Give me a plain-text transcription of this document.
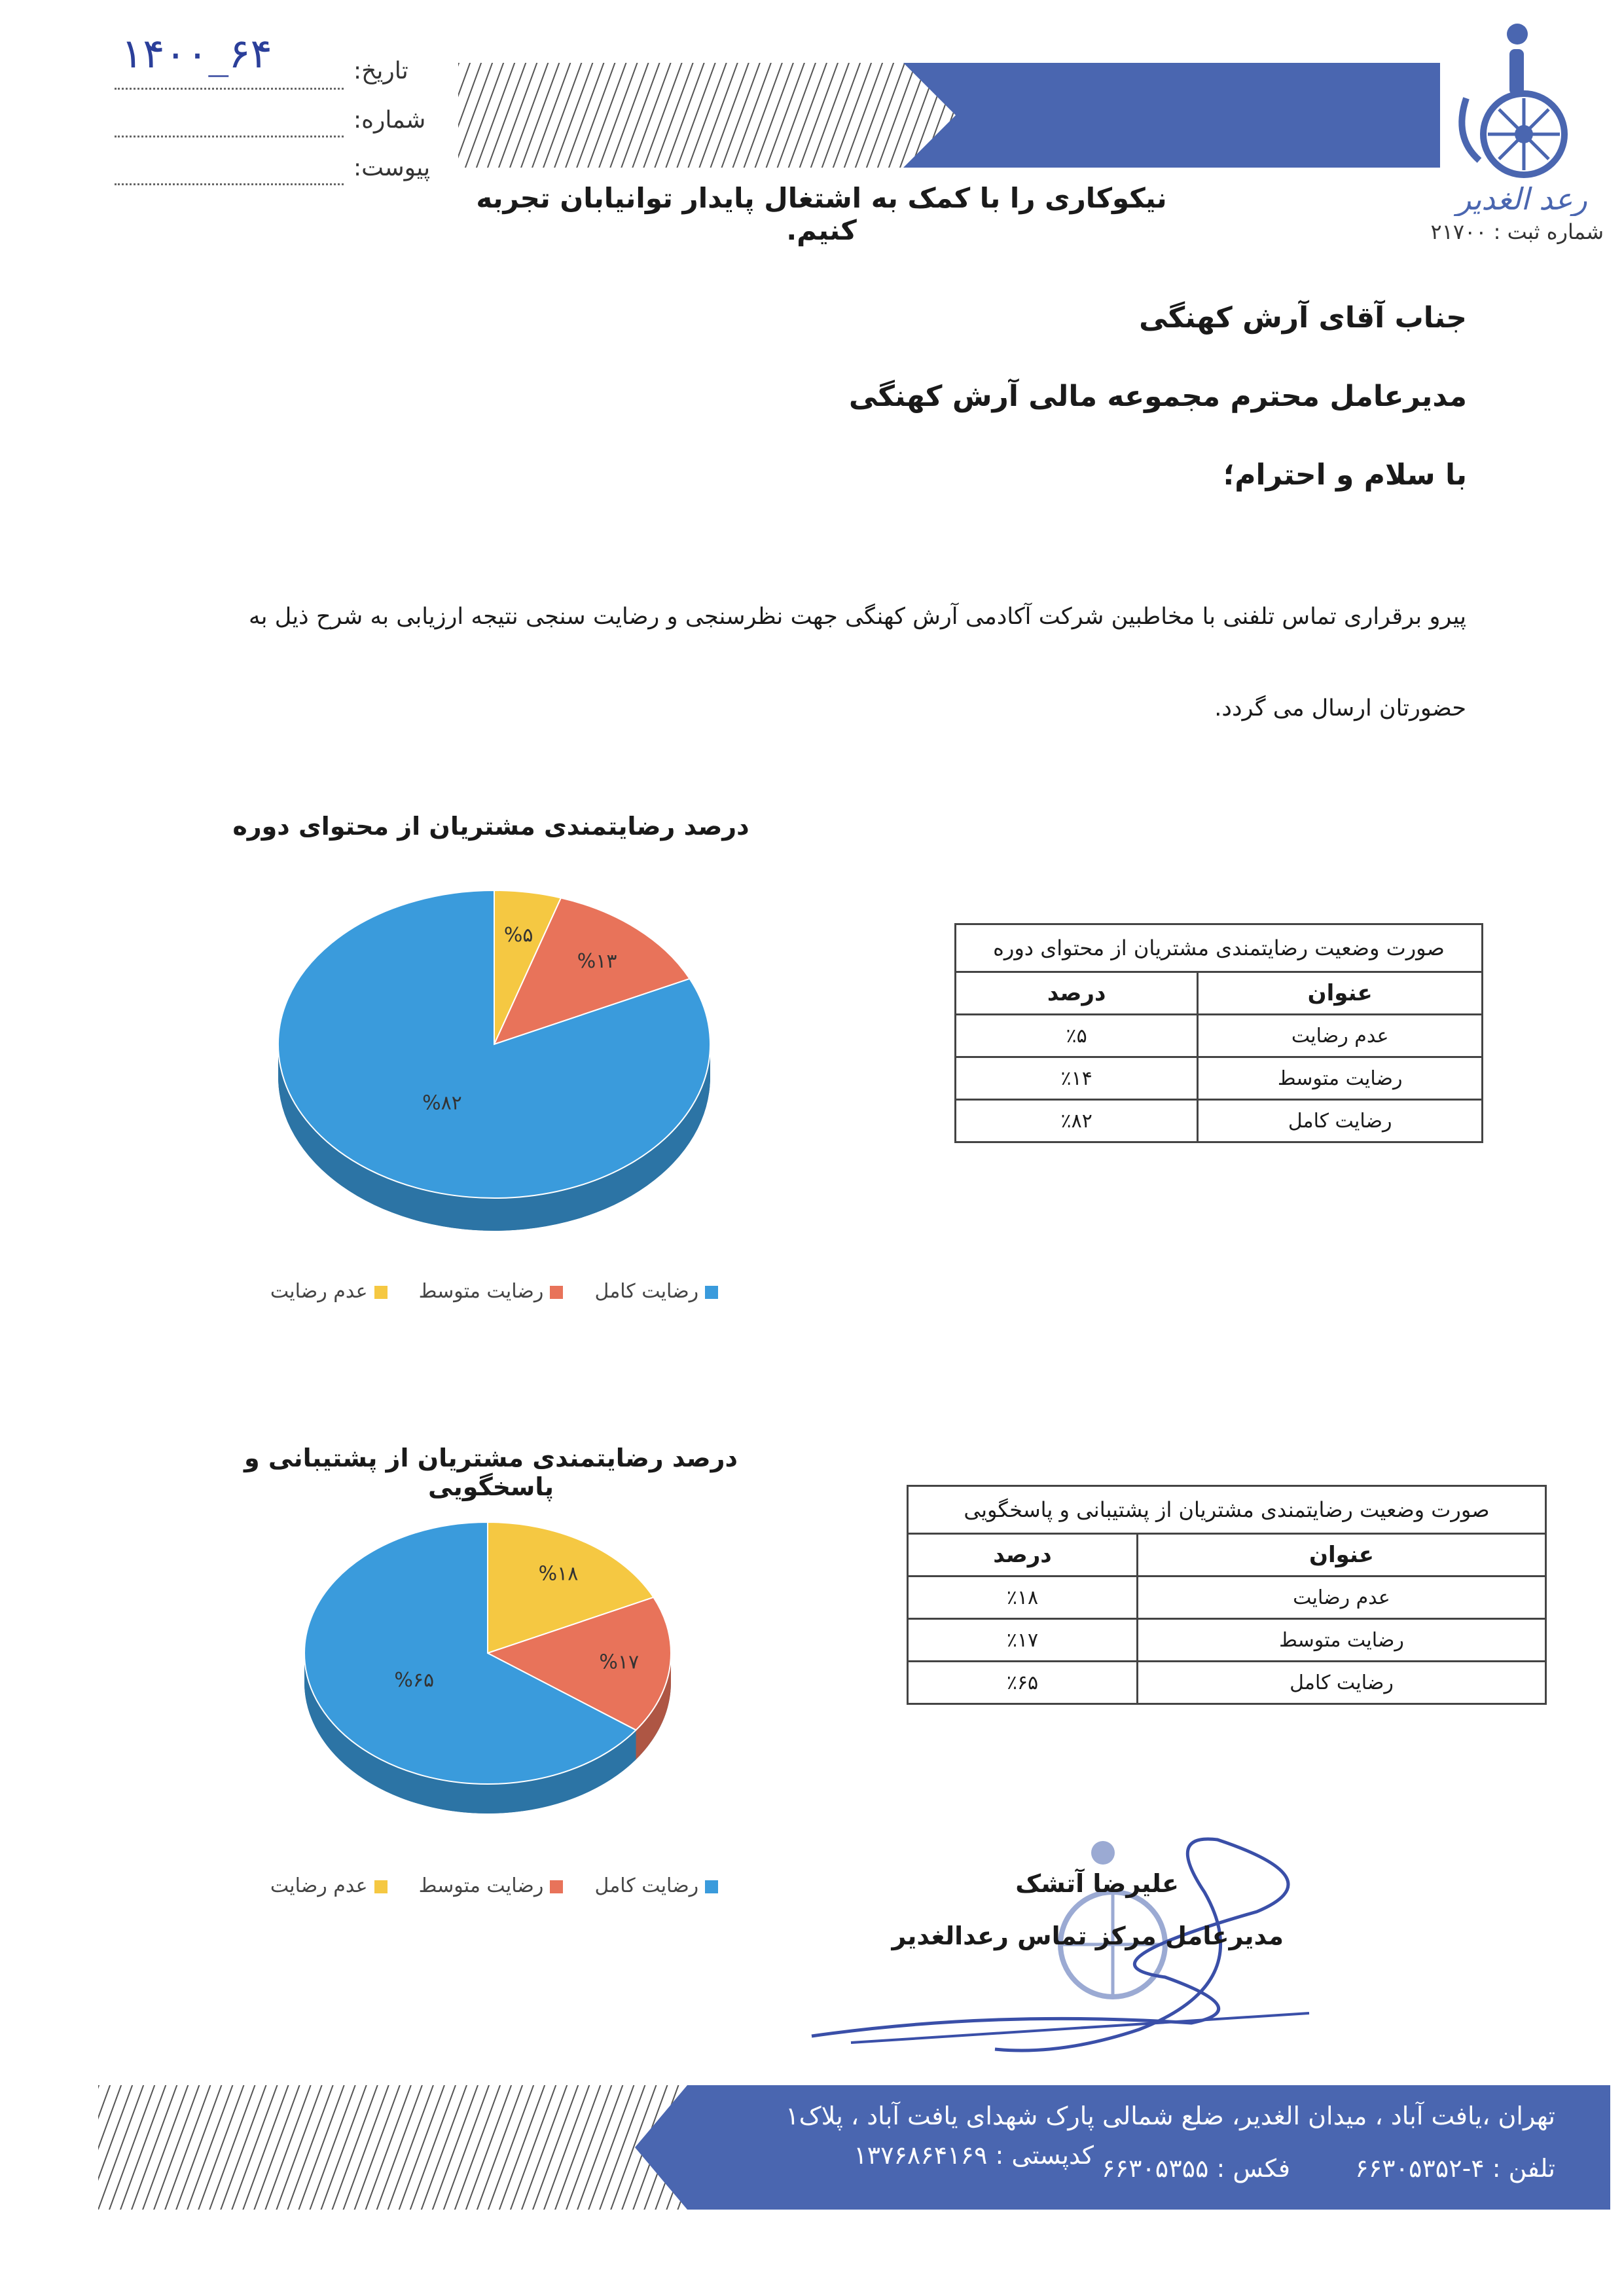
رعد الغدیر
تاریخ:
شماره:
پیوست:
۱۴۰۰_۶۴
نیکوکاری را با کمک به اشتغال پایدار توانیابان تجربه کنیم.	شماره ثبت : ۲۱۷۰۰
جناب آقای آرش کهنگی
مدیرعامل محترم مجموعه مالی آرش کهنگی
با سلام و احترام؛
پیرو برقراری تماس تلفنی با مخاطبین شرکت آکادمی آرش کهنگی جهت نظرسنجی و رضایت سنجی نتیجه ارزیابی به شرح ذیل به حضورتان ارسال می گردد.
درصد رضایتمندی مشتریان از محتوای دوره
%۵
%۱۳
%۸۲
رضایت کامل    رضایت متوسط    عدم رضایت
صورت وضعیت رضایتمندی مشتریان از محتوای دوره	
عنوان	درصد
عدم رضایت	٪۵
رضایت متوسط	٪۱۴
رضایت کامل	٪۸۲
درصد رضایتمندی مشتریان از پشتیبانی و پاسخگویی
%۱۸
%۱۷
%۶۵
رضایت کامل    رضایت متوسط    عدم رضایت
صورت وضعیت رضایتمندی مشتریان از پشتیبانی و پاسخگویی	
عنوان	درصد
عدم رضایت	٪۱۸
رضایت متوسط	٪۱۷
رضایت کامل	٪۶۵
علیرضا آتشک
مدیرعامل مرکز تماس رعدالغدیر
تهران ،یافت آباد ، میدان الغدیر، ضلع شمالی پارک شهدای یافت آباد ، پلاک۱
تلفن : ۴-۶۶۳۰۵۳۵۲
فکس : ۶۶۳۰۵۳۵۵
کدپستی : ۱۳۷۶۸۶۴۱۶۹
